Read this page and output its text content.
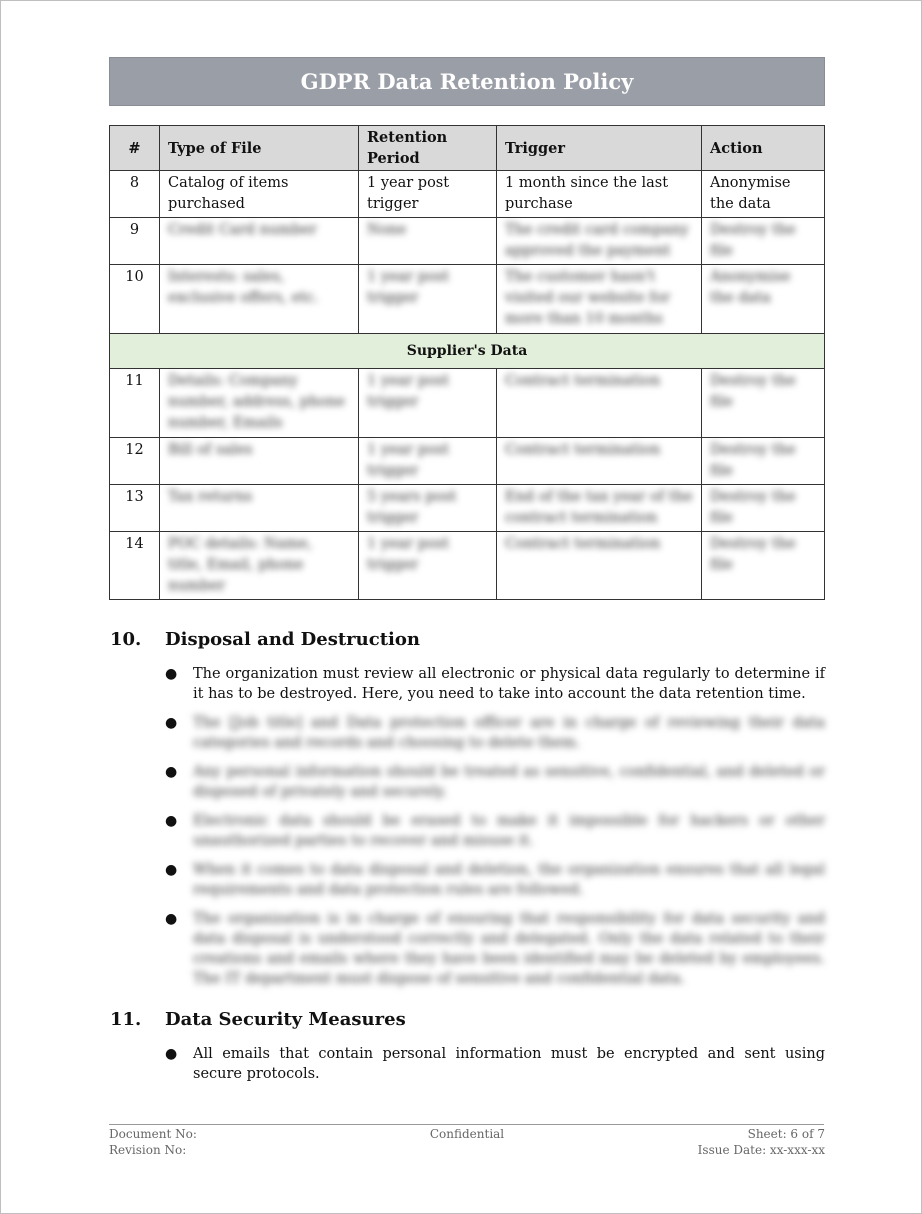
GDPR Data Retention Policy
#	Type of File	Retention Period	Trigger	Action
8	Catalog of items purchased	1 year post trigger	1 month since the last purchase	Anonymise the data
9	Credit Card number	None	The credit card company approved the payment	Destroy the file

10	Interests: sales, exclusive offers, etc.	1 year post trigger	The customer hasn't visited our website for more than 10 months	Anonymise the data

Supplier's Data				
11	Details: Company number, address, phone number, Emails	1 year post trigger	Contract termination	Destroy the file

12	Bill of sales	1 year post trigger	Contract termination	Destroy the file

13	Tax returns	5 years post trigger	End of the tax year of the contract termination	Destroy the file

14	POC details: Name, title, Email, phone number	1 year post trigger	Contract termination	Destroy the file
10.	Disposal and Destruction
● The organization must review all electronic or physical data regularly to determine if it has to be destroyed. Here, you need to take into account the data retention time.
● The [Job title] and Data protection officer are in charge of reviewing their data categories and records and choosing to delete them.
● Any personal information should be treated as sensitive, confidential, and deleted or disposed of privately and securely.
● Electronic data should be erased to make it impossible for hackers or other unauthorized parties to recover and misuse it.
● When it comes to data disposal and deletion, the organization ensures that all legal requirements and data protection rules are followed.
● The organization is in charge of ensuring that responsibility for data security and data disposal is understood correctly and delegated. Only the data related to their creations and emails where they have been identified may be deleted by employees. The IT department must dispose of sensitive and confidential data.
11.	Data Security Measures
● All emails that contain personal information must be encrypted and sent using secure protocols.
Document No:
Revision No:
Confidential	Sheet: 6 of 7
Issue Date: xx-xxx-xx
